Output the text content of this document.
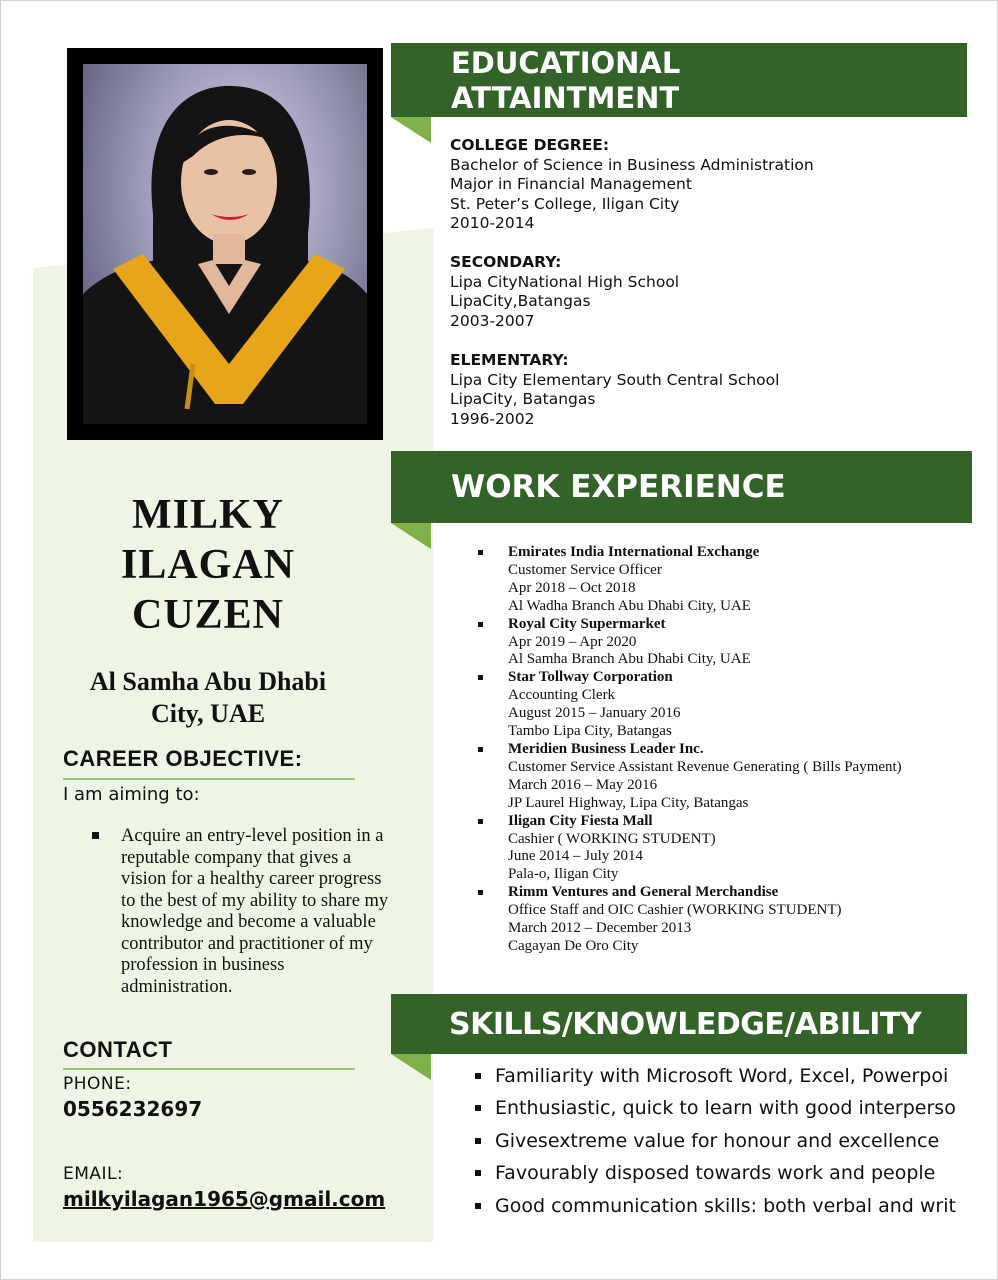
MILKY
ILAGAN
CUZEN
Al Samha Abu Dhabi
City, UAE
CAREER OBJECTIVE:
I am aiming to:
Acquire an entry-level position in a reputable company that gives a vision for a healthy career progress to the best of my ability to share my knowledge and become a valuable contributor and practitioner of my profession in business administration.
CONTACT
PHONE:
0556232697
EMAIL:
milkyilagan1965@gmail.com
EDUCATIONAL
ATTAINTMENT
COLLEGE DEGREE:
Bachelor of Science in Business Administration
Major in Financial Management
St. Peter’s College, Iligan City
2010-2014
SECONDARY:
Lipa CityNational High School
LipaCity,Batangas
2003-2007
ELEMENTARY:
Lipa City Elementary South Central School
LipaCity, Batangas
1996-2002
WORK EXPERIENCE
Emirates India International Exchange
Customer Service Officer
Apr 2018 – Oct 2018
Al Wadha Branch Abu Dhabi City, UAE
Royal City Supermarket
Apr 2019 – Apr 2020
Al Samha Branch Abu Dhabi City, UAE
Star Tollway Corporation
Accounting Clerk
August 2015 – January 2016
Tambo Lipa City, Batangas
Meridien Business Leader Inc.
Customer Service Assistant Revenue Generating ( Bills Payment)
March 2016 – May 2016
JP Laurel Highway, Lipa City, Batangas
Iligan City Fiesta Mall
Cashier ( WORKING STUDENT)
June 2014 – July 2014
Pala-o, Iligan City
Rimm Ventures and General Merchandise
Office Staff and OIC Cashier (WORKING STUDENT)
March 2012 – December 2013
Cagayan De Oro City
SKILLS/KNOWLEDGE/ABILITY
Familiarity with Microsoft Word, Excel, Powerpoi
Enthusiastic, quick to learn with good interperso
Givesextreme value for honour and excellence
Favourably disposed towards work and people
Good communication skills: both verbal and writ
